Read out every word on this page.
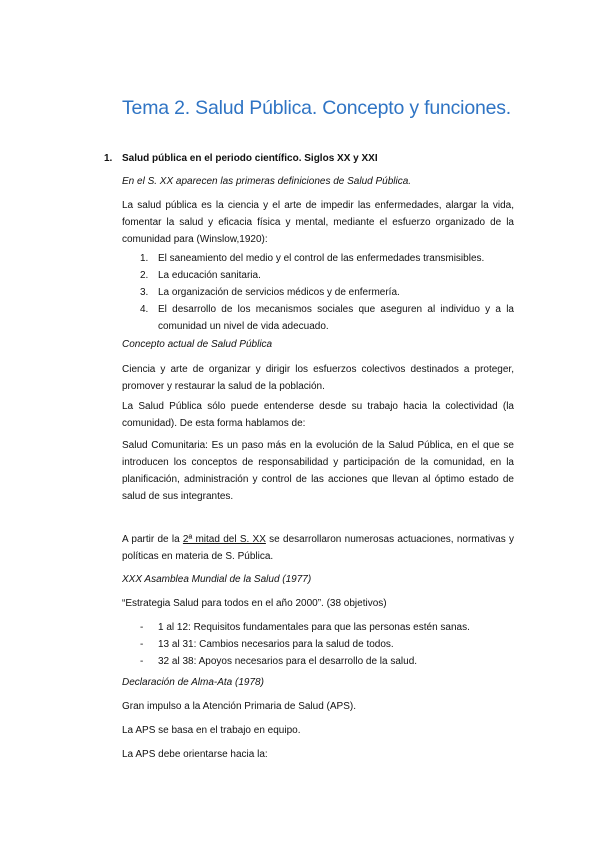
Tema 2. Salud Pública. Concepto y funciones.
1. Salud pública en el periodo científico. Siglos XX y XXI
En el S. XX aparecen las primeras definiciones de Salud Pública.
La salud pública es la ciencia y el arte de impedir las enfermedades, alargar la vida, fomentar la salud y eficacia física y mental, mediante el esfuerzo organizado de la comunidad para (Winslow,1920):
1. El saneamiento del medio y el control de las enfermedades transmisibles.
2. La educación sanitaria.
3. La organización de servicios médicos y de enfermería.
4. El desarrollo de los mecanismos sociales que aseguren al individuo y a la comunidad un nivel de vida adecuado.
Concepto actual de Salud Pública
Ciencia y arte de organizar y dirigir los esfuerzos colectivos destinados a proteger, promover y restaurar la salud de la población.
La Salud Pública sólo puede entenderse desde su trabajo hacia la colectividad (la comunidad). De esta forma hablamos de:
Salud Comunitaria: Es un paso más en la evolución de la Salud Pública, en el que se introducen los conceptos de responsabilidad y participación de la comunidad, en la planificación, administración y control de las acciones que llevan al óptimo estado de salud de sus integrantes.
A partir de la 2ª mitad del S. XX se desarrollaron numerosas actuaciones, normativas y políticas en materia de S. Pública.
XXX Asamblea Mundial de la Salud (1977)
“Estrategia Salud para todos en el año 2000”. (38 objetivos)
- 1 al 12: Requisitos fundamentales para que las personas estén sanas.
- 13 al 31: Cambios necesarios para la salud de todos.
- 32 al 38: Apoyos necesarios para el desarrollo de la salud.
Declaración de Alma-Ata (1978)
Gran impulso a la Atención Primaria de Salud (APS).
La APS se basa en el trabajo en equipo.
La APS debe orientarse hacia la:
